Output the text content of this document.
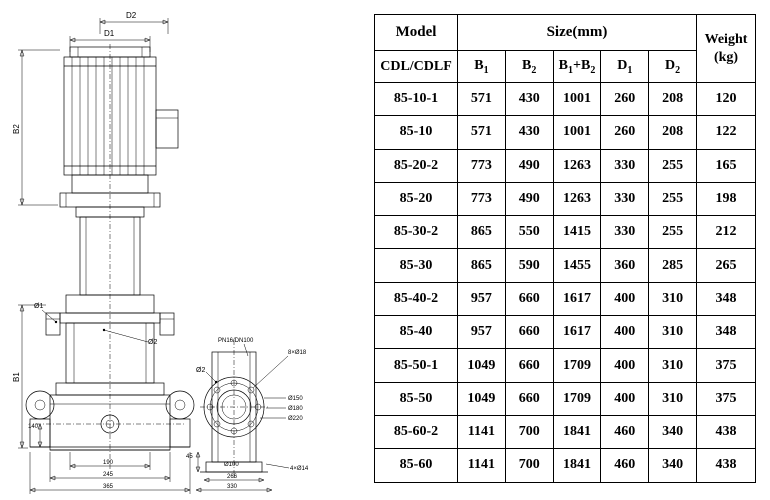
D2
D1
B2
B1
Ø1
Ø2
140
190
245
365
PN16/DN100
8×Ø18
Ø150
Ø180
Ø220
Ø2
45
Ø100
266
330
4×Ø14
Model	Size(mm)					Weight
(kg)

CDL/CDLF	$B_1$	$B_2$	$B_1+B_2$	$D_1$	$D_2$
85-10-1	571	430	1001	260	208	120
85-10	571	430	1001	260	208	122
85-20-2	773	490	1263	330	255	165
85-20	773	490	1263	330	255	198
85-30-2	865	550	1415	330	255	212
85-30	865	590	1455	360	285	265
85-40-2	957	660	1617	400	310	348
85-40	957	660	1617	400	310	348
85-50-1	1049	660	1709	400	310	375
85-50	1049	660	1709	400	310	375
85-60-2	1141	700	1841	460	340	438
85-60	1141	700	1841	460	340	438
